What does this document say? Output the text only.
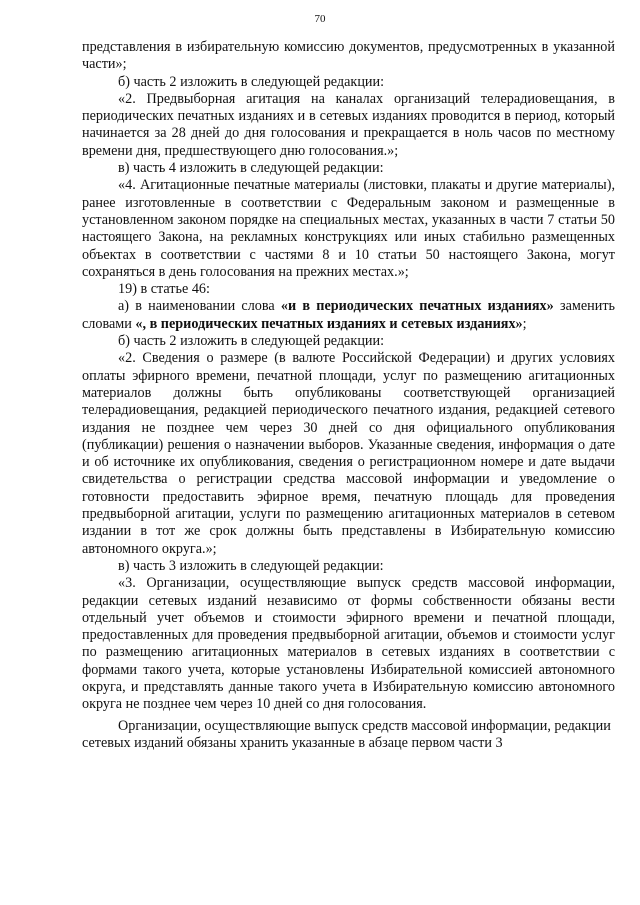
70

представления в избирательную комиссию документов, предусмотренных в указанной части»;

б) часть 2 изложить в следующей редакции:

«2. Предвыборная агитация на каналах организаций телерадиовещания, в периодических печатных изданиях и в сетевых изданиях проводится в период, который начинается за 28 дней до дня голосования и прекращается в ноль часов по местному времени дня, предшествующего дню голосования.»;

в) часть 4 изложить в следующей редакции:

«4. Агитационные печатные материалы (листовки, плакаты и другие материалы), ранее изготовленные в соответствии с Федеральным законом и размещенные в установленном законом порядке на специальных местах, указанных в части 7 статьи 50 настоящего Закона, на рекламных конструкциях или иных стабильно размещенных объектах в соответствии с частями 8 и 10 статьи 50 настоящего Закона, могут сохраняться в день голосования на прежних местах.»;

19) в статье 46:

а) в наименовании слова «и в периодических печатных изданиях» заменить словами «, в периодических печатных изданиях и сетевых изданиях»;

б) часть 2 изложить в следующей редакции:

«2. Сведения о размере (в валюте Российской Федерации) и других условиях оплаты эфирного времени, печатной площади, услуг по размещению агитационных материалов должны быть опубликованы соответствующей организацией телерадиовещания, редакцией периодического печатного издания, редакцией сетевого издания не позднее чем через 30 дней со дня официального опубликования (публикации) решения о назначении выборов. Указанные сведения, информация о дате и об источнике их опубликования, сведения о регистрационном номере и дате выдачи свидетельства о регистрации средства массовой информации и уведомление о готовности предоставить эфирное время, печатную площадь для проведения предвыборной агитации, услуги по размещению агитационных материалов в сетевом издании в тот же срок должны быть представлены в Избирательную комиссию автономного округа.»;

в) часть 3 изложить в следующей редакции:

«3. Организации, осуществляющие выпуск средств массовой информации, редакции сетевых изданий независимо от формы собственности обязаны вести отдельный учет объемов и стоимости эфирного времени и печатной площади, предоставленных для проведения предвыборной агитации, объемов и стоимости услуг по размещению агитационных материалов в сетевых изданиях в соответствии с формами такого учета, которые установлены Избирательной комиссией автономного округа, и представлять данные такого учета в Избирательную комиссию автономного округа не позднее чем через 10 дней со дня голосования.

Организации, осуществляющие выпуск средств массовой информации, редакции сетевых изданий обязаны хранить указанные в абзаце первом части 3
